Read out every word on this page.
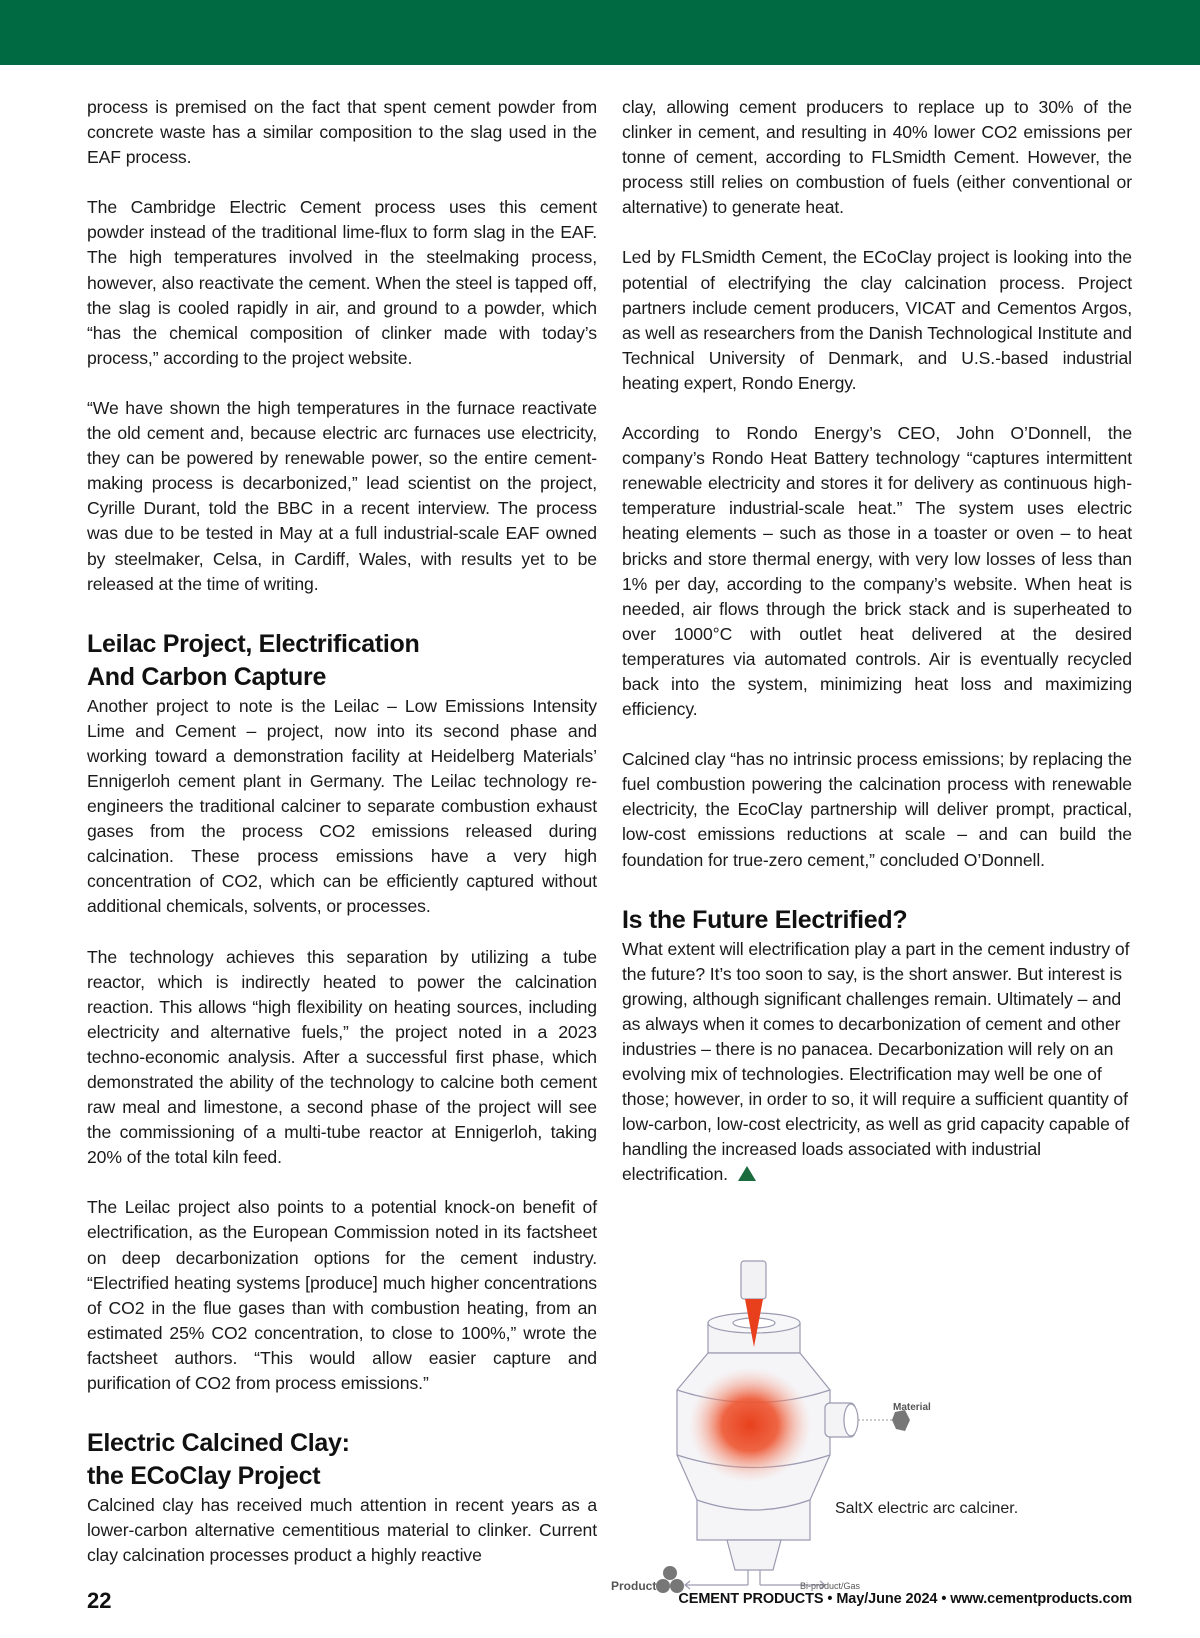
process is premised on the fact that spent cement powder from concrete waste has a similar composition to the slag used in the EAF process.

The Cambridge Electric Cement process uses this cement powder instead of the traditional lime-flux to form slag in the EAF. The high temperatures involved in the steelmaking process, however, also reactivate the cement. When the steel is tapped off, the slag is cooled rapidly in air, and ground to a powder, which “has the chemical composition of clinker made with today’s process,” according to the project website.

“We have shown the high temperatures in the furnace reactivate the old cement and, because electric arc furnaces use electricity, they can be powered by renewable power, so the entire cement-making process is decarbonized,” lead scientist on the project, Cyrille Durant, told the BBC in a recent interview. The process was due to be tested in May at a full industrial-scale EAF owned by steelmaker, Celsa, in Cardiff, Wales, with results yet to be released at the time of writing.

Leilac Project, Electrification
And Carbon Capture

Another project to note is the Leilac – Low Emissions Intensity Lime and Cement – project, now into its second phase and working toward a demonstration facility at Heidelberg Materials’ Ennigerloh cement plant in Germany. The Leilac technology re-engineers the traditional calciner to separate combustion exhaust gases from the process CO2 emissions released during calcination. These process emissions have a very high concentration of CO2, which can be efficiently captured without additional chemicals, solvents, or processes.

The technology achieves this separation by utilizing a tube reactor, which is indirectly heated to power the calcination reaction. This allows “high flexibility on heating sources, including electricity and alternative fuels,” the project noted in a 2023 techno-economic analysis. After a successful first phase, which demonstrated the ability of the technology to calcine both cement raw meal and limestone, a second phase of the project will see the commissioning of a multi-tube reactor at Ennigerloh, taking 20% of the total kiln feed.

The Leilac project also points to a potential knock-on benefit of electrification, as the European Commission noted in its factsheet on deep decarbonization options for the cement industry. “Electrified heating systems [produce] much higher concentrations of CO2 in the flue gases than with combustion heating, from an estimated 25% CO2 concentration, to close to 100%,” wrote the factsheet authors. “This would allow easier capture and purification of CO2 from process emissions.”

Electric Calcined Clay:
the ECoClay Project

Calcined clay has received much attention in recent years as a lower-carbon alternative cementitious material to clinker. Current clay calcination processes product a highly reactive

clay, allowing cement producers to replace up to 30% of the clinker in cement, and resulting in 40% lower CO2 emissions per tonne of cement, according to FLSmidth Cement. However, the process still relies on combustion of fuels (either conventional or alternative) to generate heat.

Led by FLSmidth Cement, the ECoClay project is looking into the potential of electrifying the clay calcination process. Project partners include cement producers, VICAT and Cementos Argos, as well as researchers from the Danish Technological Institute and Technical University of Denmark, and U.S.-based industrial heating expert, Rondo Energy.

According to Rondo Energy’s CEO, John O’Donnell, the company’s Rondo Heat Battery technology “captures intermittent renewable electricity and stores it for delivery as continuous high-temperature industrial-scale heat.” The system uses electric heating elements – such as those in a toaster or oven – to heat bricks and store thermal energy, with very low losses of less than 1% per day, according to the company’s website. When heat is needed, air flows through the brick stack and is superheated to over 1000°C with outlet heat delivered at the desired temperatures via automated controls. Air is eventually recycled back into the system, minimizing heat loss and maximizing efficiency.

Calcined clay “has no intrinsic process emissions; by replacing the fuel combustion powering the calcination process with renewable electricity, the EcoClay partnership will deliver prompt, practical, low-cost emissions reductions at scale – and can build the foundation for true-zero cement,” concluded O’Donnell.

Is the Future Electrified?

What extent will electrification play a part in the cement industry of the future? It’s too soon to say, is the short answer. But interest is growing, although significant challenges remain. Ultimately – and as always when it comes to decarbonization of cement and other industries – there is no panacea. Decarbonization will rely on an evolving mix of technologies. Electrification may well be one of those; however, in order to so, it will require a sufficient quantity of low-carbon, low-cost electricity, as well as grid capacity capable of handling the increased loads associated with industrial electrification.

Material
Product	Bi-product/Gas
SaltX electric arc calciner.
22	CEMENT PRODUCTS • May/June 2024 • www.cementproducts.com
